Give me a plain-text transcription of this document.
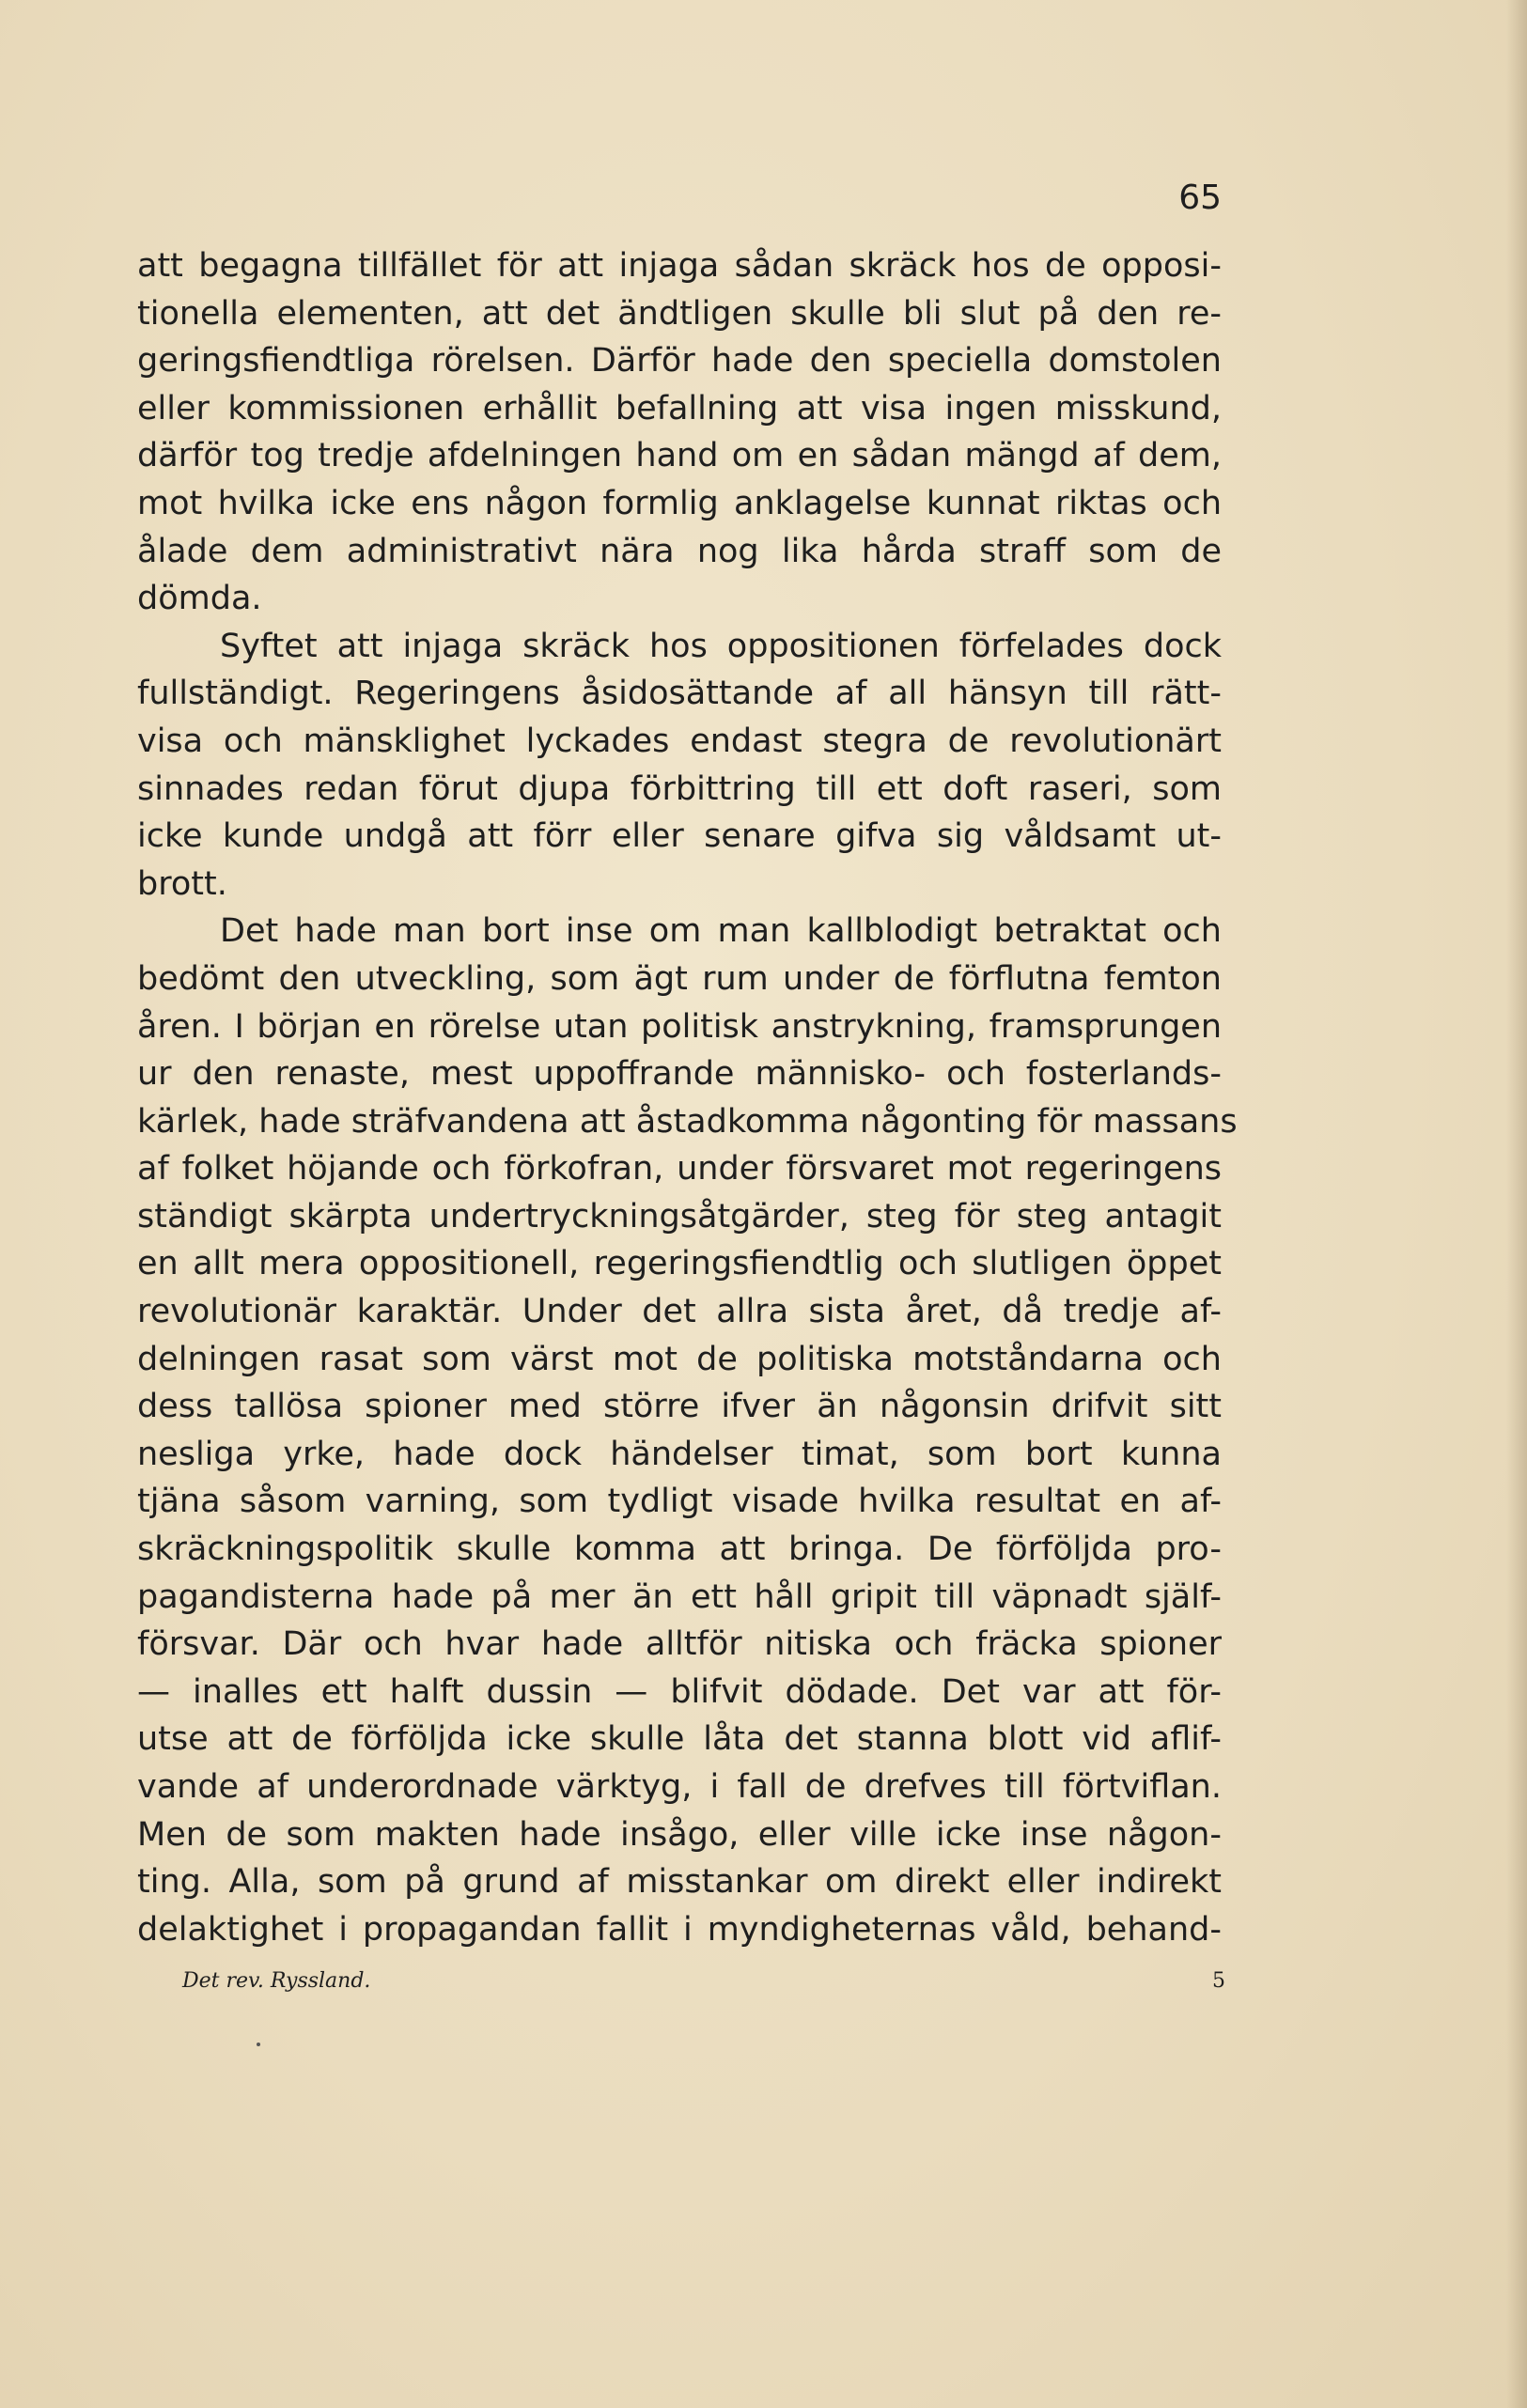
65
att begagna tillfället för att injaga sådan skräck hos de opposi-
tionella elementen, att det ändtligen skulle bli slut på den re-
geringsfiendtliga rörelsen. Därför hade den speciella domstolen
eller kommissionen erhållit befallning att visa ingen misskund,
därför tog tredje afdelningen hand om en sådan mängd af dem,
mot hvilka icke ens någon formlig anklagelse kunnat riktas och
ålade dem administrativt nära nog lika hårda straff som de
dömda.
Syftet att injaga skräck hos oppositionen förfelades dock
fullständigt. Regeringens åsidosättande af all hänsyn till rätt-
visa och mänsklighet lyckades endast stegra de revolutionärt
sinnades redan förut djupa förbittring till ett doft raseri, som
icke kunde undgå att förr eller senare gifva sig våldsamt ut-
brott.
Det hade man bort inse om man kallblodigt betraktat och
bedömt den utveckling, som ägt rum under de förflutna femton
åren. I början en rörelse utan politisk anstrykning, framsprungen
ur den renaste, mest uppoffrande människo- och fosterlands-
kärlek, hade sträfvandena att åstadkomma någonting för massans
af folket höjande och förkofran, under försvaret mot regeringens
ständigt skärpta undertryckningsåtgärder, steg för steg antagit
en allt mera oppositionell, regeringsfiendtlig och slutligen öppet
revolutionär karaktär. Under det allra sista året, då tredje af-
delningen rasat som värst mot de politiska motståndarna och
dess tallösa spioner med större ifver än någonsin drifvit sitt
nesliga yrke, hade dock händelser timat, som bort kunna
tjäna såsom varning, som tydligt visade hvilka resultat en af-
skräckningspolitik skulle komma att bringa. De förföljda pro-
pagandisterna hade på mer än ett håll gripit till väpnadt själf-
försvar. Där och hvar hade alltför nitiska och fräcka spioner
— inalles ett halft dussin — blifvit dödade. Det var att för-
utse att de förföljda icke skulle låta det stanna blott vid aflif-
vande af underordnade värktyg, i fall de drefves till förtviflan.
Men de som makten hade insågo, eller ville icke inse någon-
ting. Alla, som på grund af misstankar om direkt eller indirekt
delaktighet i propagandan fallit i myndigheternas våld, behand-
Det rev. Ryssland.	5
